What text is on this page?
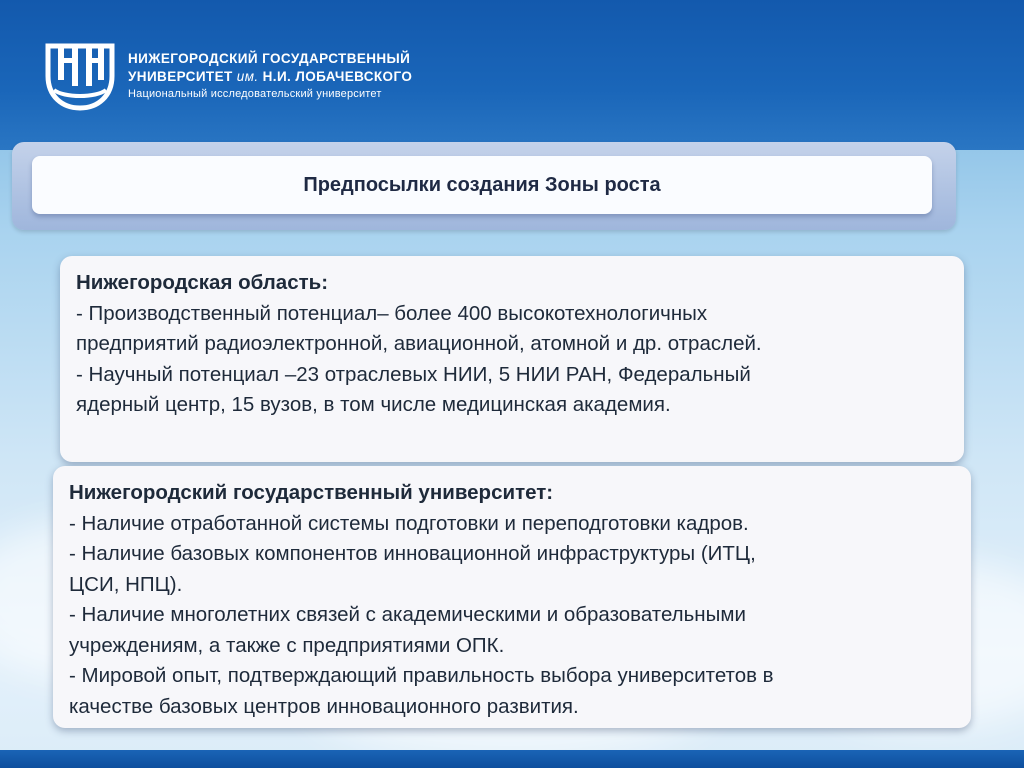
НИЖЕГОРОДСКИЙ ГОСУДАРСТВЕННЫЙ
УНИВЕРСИТЕТ им. Н.И. ЛОБАЧЕВСКОГО
Национальный исследовательский университет
Предпосылки создания Зоны роста
Нижегородская область:
- Производственный потенциал– более 400 высокотехнологичных
предприятий радиоэлектронной, авиационной, атомной и др. отраслей.
- Научный потенциал –23 отраслевых НИИ, 5 НИИ РАН, Федеральный
ядерный центр, 15 вузов, в том числе медицинская академия.
Нижегородский государственный университет:
- Наличие отработанной системы подготовки и переподготовки кадров.
- Наличие базовых компонентов инновационной инфраструктуры (ИТЦ,
ЦСИ, НПЦ).
- Наличие многолетних связей с академическими и образовательными
учреждениям, а также с предприятиями ОПК.
- Мировой опыт, подтверждающий правильность выбора университетов в
качестве базовых центров инновационного развития.
